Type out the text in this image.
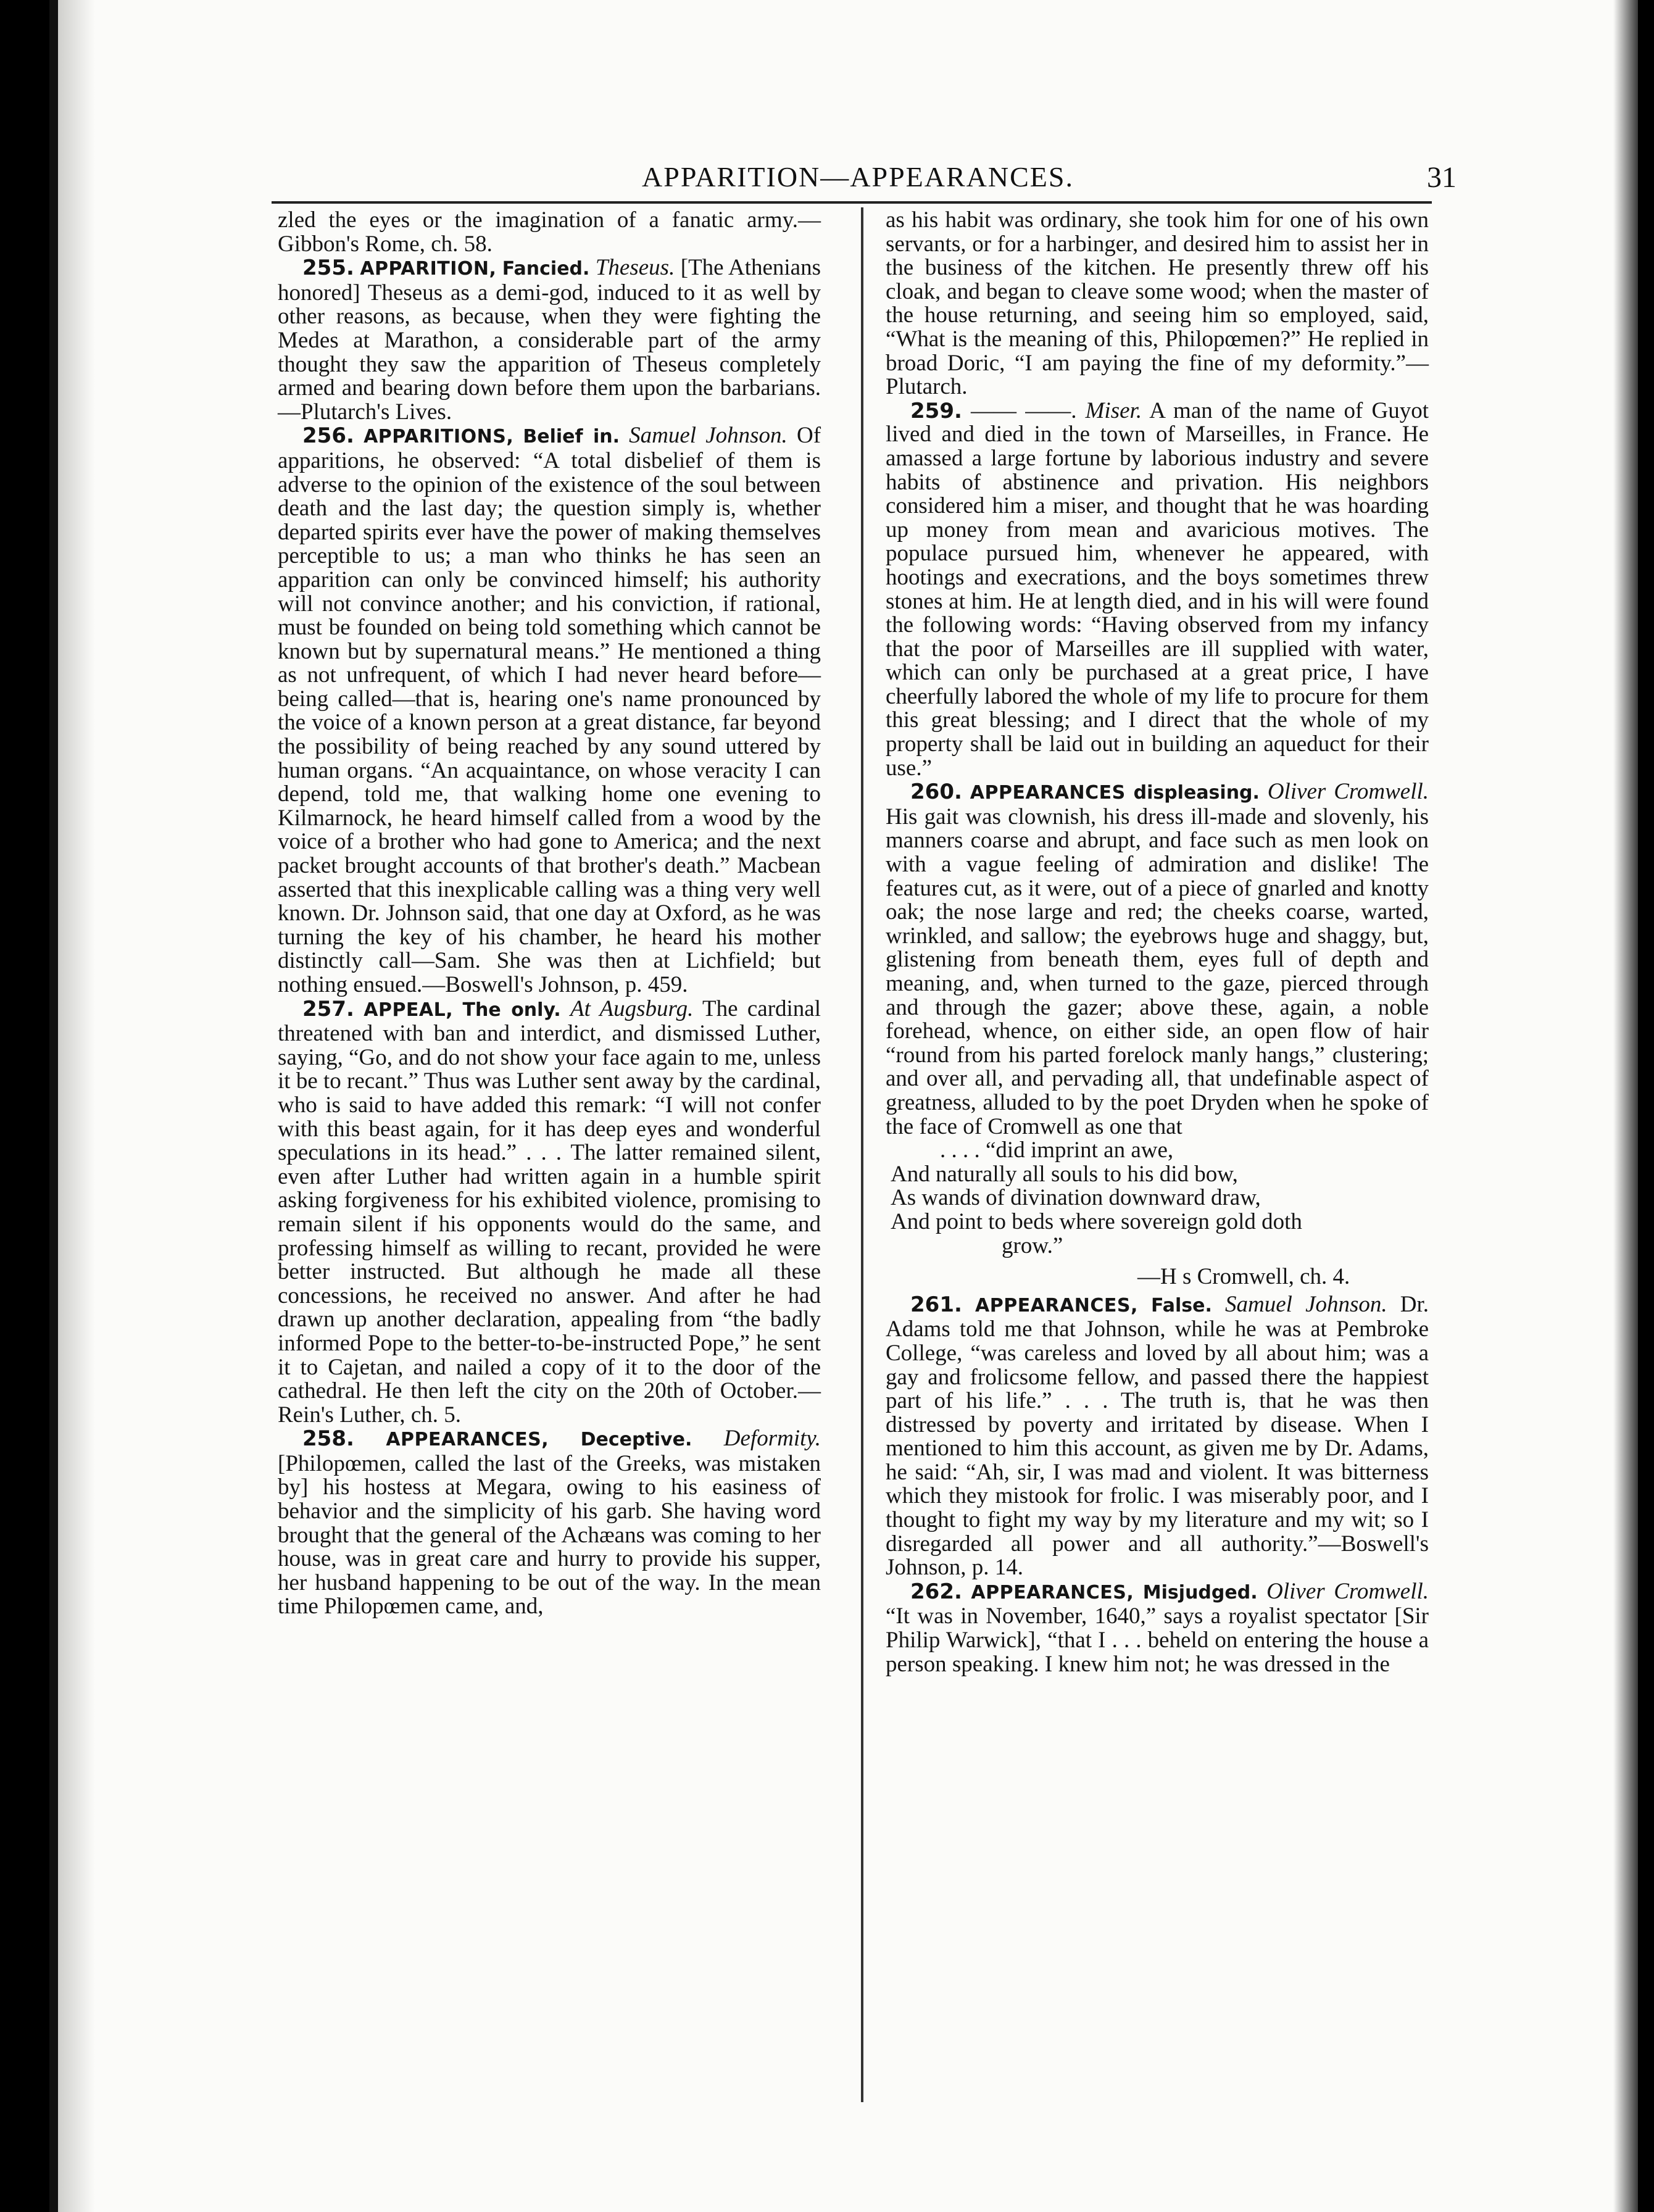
APPARITION—APPEARANCES.	31

zled the eyes or the imagination of a fanatic army.—Gibbon's Rome, ch. 58.

255. APPARITION, Fancied. Theseus. [The Athenians honored] Theseus as a demi-god, induced to it as well by other reasons, as because, when they were fighting the Medes at Marathon, a considerable part of the army thought they saw the apparition of Theseus completely armed and bearing down before them upon the barbarians.—Plutarch's Lives.

256. APPARITIONS, Belief in. Samuel Johnson. Of apparitions, he observed: “A total disbelief of them is adverse to the opinion of the existence of the soul between death and the last day; the question simply is, whether departed spirits ever have the power of making themselves perceptible to us; a man who thinks he has seen an apparition can only be convinced himself; his authority will not convince another; and his conviction, if rational, must be founded on being told something which cannot be known but by supernatural means.” He mentioned a thing as not unfrequent, of which I had never heard before—being called—that is, hearing one's name pronounced by the voice of a known person at a great distance, far beyond the possibility of being reached by any sound uttered by human organs. “An acquaintance, on whose veracity I can depend, told me, that walking home one evening to Kilmarnock, he heard himself called from a wood by the voice of a brother who had gone to America; and the next packet brought accounts of that brother's death.” Macbean asserted that this inexplicable calling was a thing very well known. Dr. Johnson said, that one day at Oxford, as he was turning the key of his chamber, he heard his mother distinctly call—Sam. She was then at Lichfield; but nothing ensued.—Boswell's Johnson, p. 459.

257. APPEAL, The only. At Augsburg. The cardinal threatened with ban and interdict, and dismissed Luther, saying, “Go, and do not show your face again to me, unless it be to recant.” Thus was Luther sent away by the cardinal, who is said to have added this remark: “I will not confer with this beast again, for it has deep eyes and wonderful speculations in its head.” . . . The latter remained silent, even after Luther had written again in a humble spirit asking forgiveness for his exhibited violence, promising to remain silent if his opponents would do the same, and professing himself as willing to recant, provided he were better instructed. But although he made all these concessions, he received no answer. And after he had drawn up another declaration, appealing from “the badly informed Pope to the better-to-be-instructed Pope,” he sent it to Cajetan, and nailed a copy of it to the door of the cathedral. He then left the city on the 20th of October.—Rein's Luther, ch. 5.

258. APPEARANCES, Deceptive. Deformity. [Philopœmen, called the last of the Greeks, was mistaken by] his hostess at Megara, owing to his easiness of behavior and the simplicity of his garb. She having word brought that the general of the Achæans was coming to her house, was in great care and hurry to provide his supper, her husband happening to be out of the way. In the mean time Philopœmen came, and,

as his habit was ordinary, she took him for one of his own servants, or for a harbinger, and desired him to assist her in the business of the kitchen. He presently threw off his cloak, and began to cleave some wood; when the master of the house returning, and seeing him so employed, said, “What is the meaning of this, Philopœmen?” He replied in broad Doric, “I am paying the fine of my deformity.”—Plutarch.

259. —— ——. Miser. A man of the name of Guyot lived and died in the town of Marseilles, in France. He amassed a large fortune by laborious industry and severe habits of abstinence and privation. His neighbors considered him a miser, and thought that he was hoarding up money from mean and avaricious motives. The populace pursued him, whenever he appeared, with hootings and execrations, and the boys sometimes threw stones at him. He at length died, and in his will were found the following words: “Having observed from my infancy that the poor of Marseilles are ill supplied with water, which can only be purchased at a great price, I have cheerfully labored the whole of my life to procure for them this great blessing; and I direct that the whole of my property shall be laid out in building an aqueduct for their use.”

260. APPEARANCES displeasing. Oliver Cromwell. His gait was clownish, his dress ill-made and slovenly, his manners coarse and abrupt, and face such as men look on with a vague feeling of admiration and dislike! The features cut, as it were, out of a piece of gnarled and knotty oak; the nose large and red; the cheeks coarse, warted, wrinkled, and sallow; the eyebrows huge and shaggy, but, glistening from beneath them, eyes full of depth and meaning, and, when turned to the gaze, pierced through and through the gazer; above these, again, a noble forehead, whence, on either side, an open flow of hair “round from his parted forelock manly hangs,” clustering; and over all, and pervading all, that undefinable aspect of greatness, alluded to by the poet Dryden when he spoke of the face of Cromwell as one that

. . . . “did imprint an awe,
And naturally all souls to his did bow,
As wands of divination downward draw,
And point to beds where sovereign gold doth
grow.”
—H s Cromwell, ch. 4.

261. APPEARANCES, False. Samuel Johnson. Dr. Adams told me that Johnson, while he was at Pembroke College, “was careless and loved by all about him; was a gay and frolicsome fellow, and passed there the happiest part of his life.” . . . The truth is, that he was then distressed by poverty and irritated by disease. When I mentioned to him this account, as given me by Dr. Adams, he said: “Ah, sir, I was mad and violent. It was bitterness which they mistook for frolic. I was miserably poor, and I thought to fight my way by my literature and my wit; so I disregarded all power and all authority.”—Boswell's Johnson, p. 14.

262. APPEARANCES, Misjudged. Oliver Cromwell. “It was in November, 1640,” says a royalist spectator [Sir Philip Warwick], “that I . . . beheld on entering the house a person speaking. I knew him not; he was dressed in the
